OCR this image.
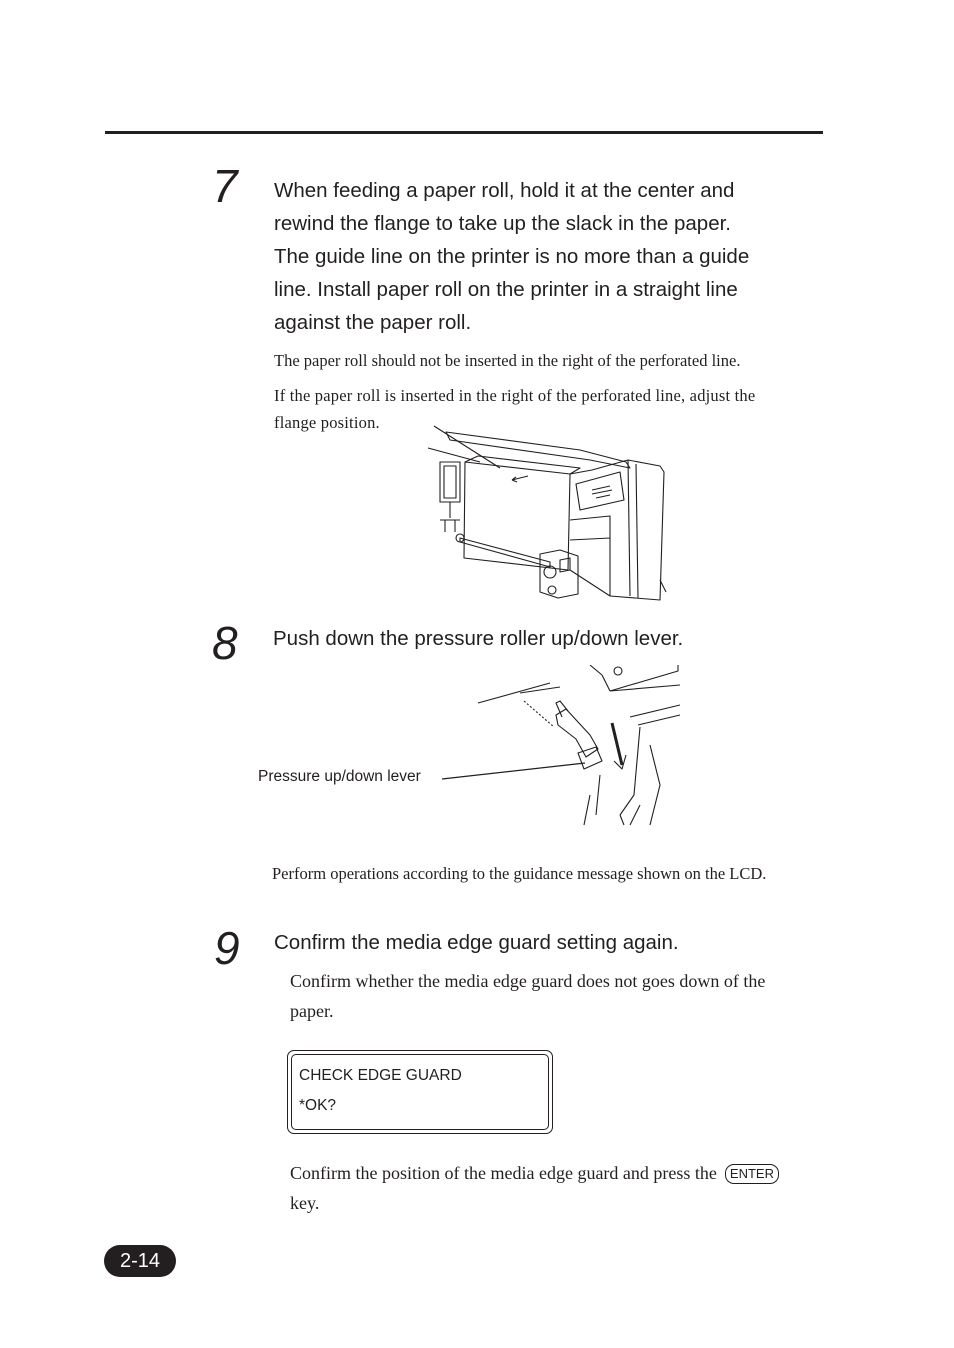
7 When feeding a paper roll, hold it at the center and
rewind the flange to take up the slack in the paper.
The guide line on the printer is no more than a guide
line. Install paper roll on the printer in a straight line
against the paper roll.
The paper roll should not be inserted in the right of the perforated line.
If the paper roll is inserted in the right of the perforated line, adjust the
flange position.
8 Push down the pressure roller up/down lever.
Pressure up/down lever
Perform operations according to the guidance message shown on the LCD.
9 Confirm the media edge guard setting again.
Confirm whether the media edge guard does not goes down of the
paper.
CHECK EDGE GUARD
*OK?
Confirm the position of the media edge guard and press the ENTER
key.
2-14
